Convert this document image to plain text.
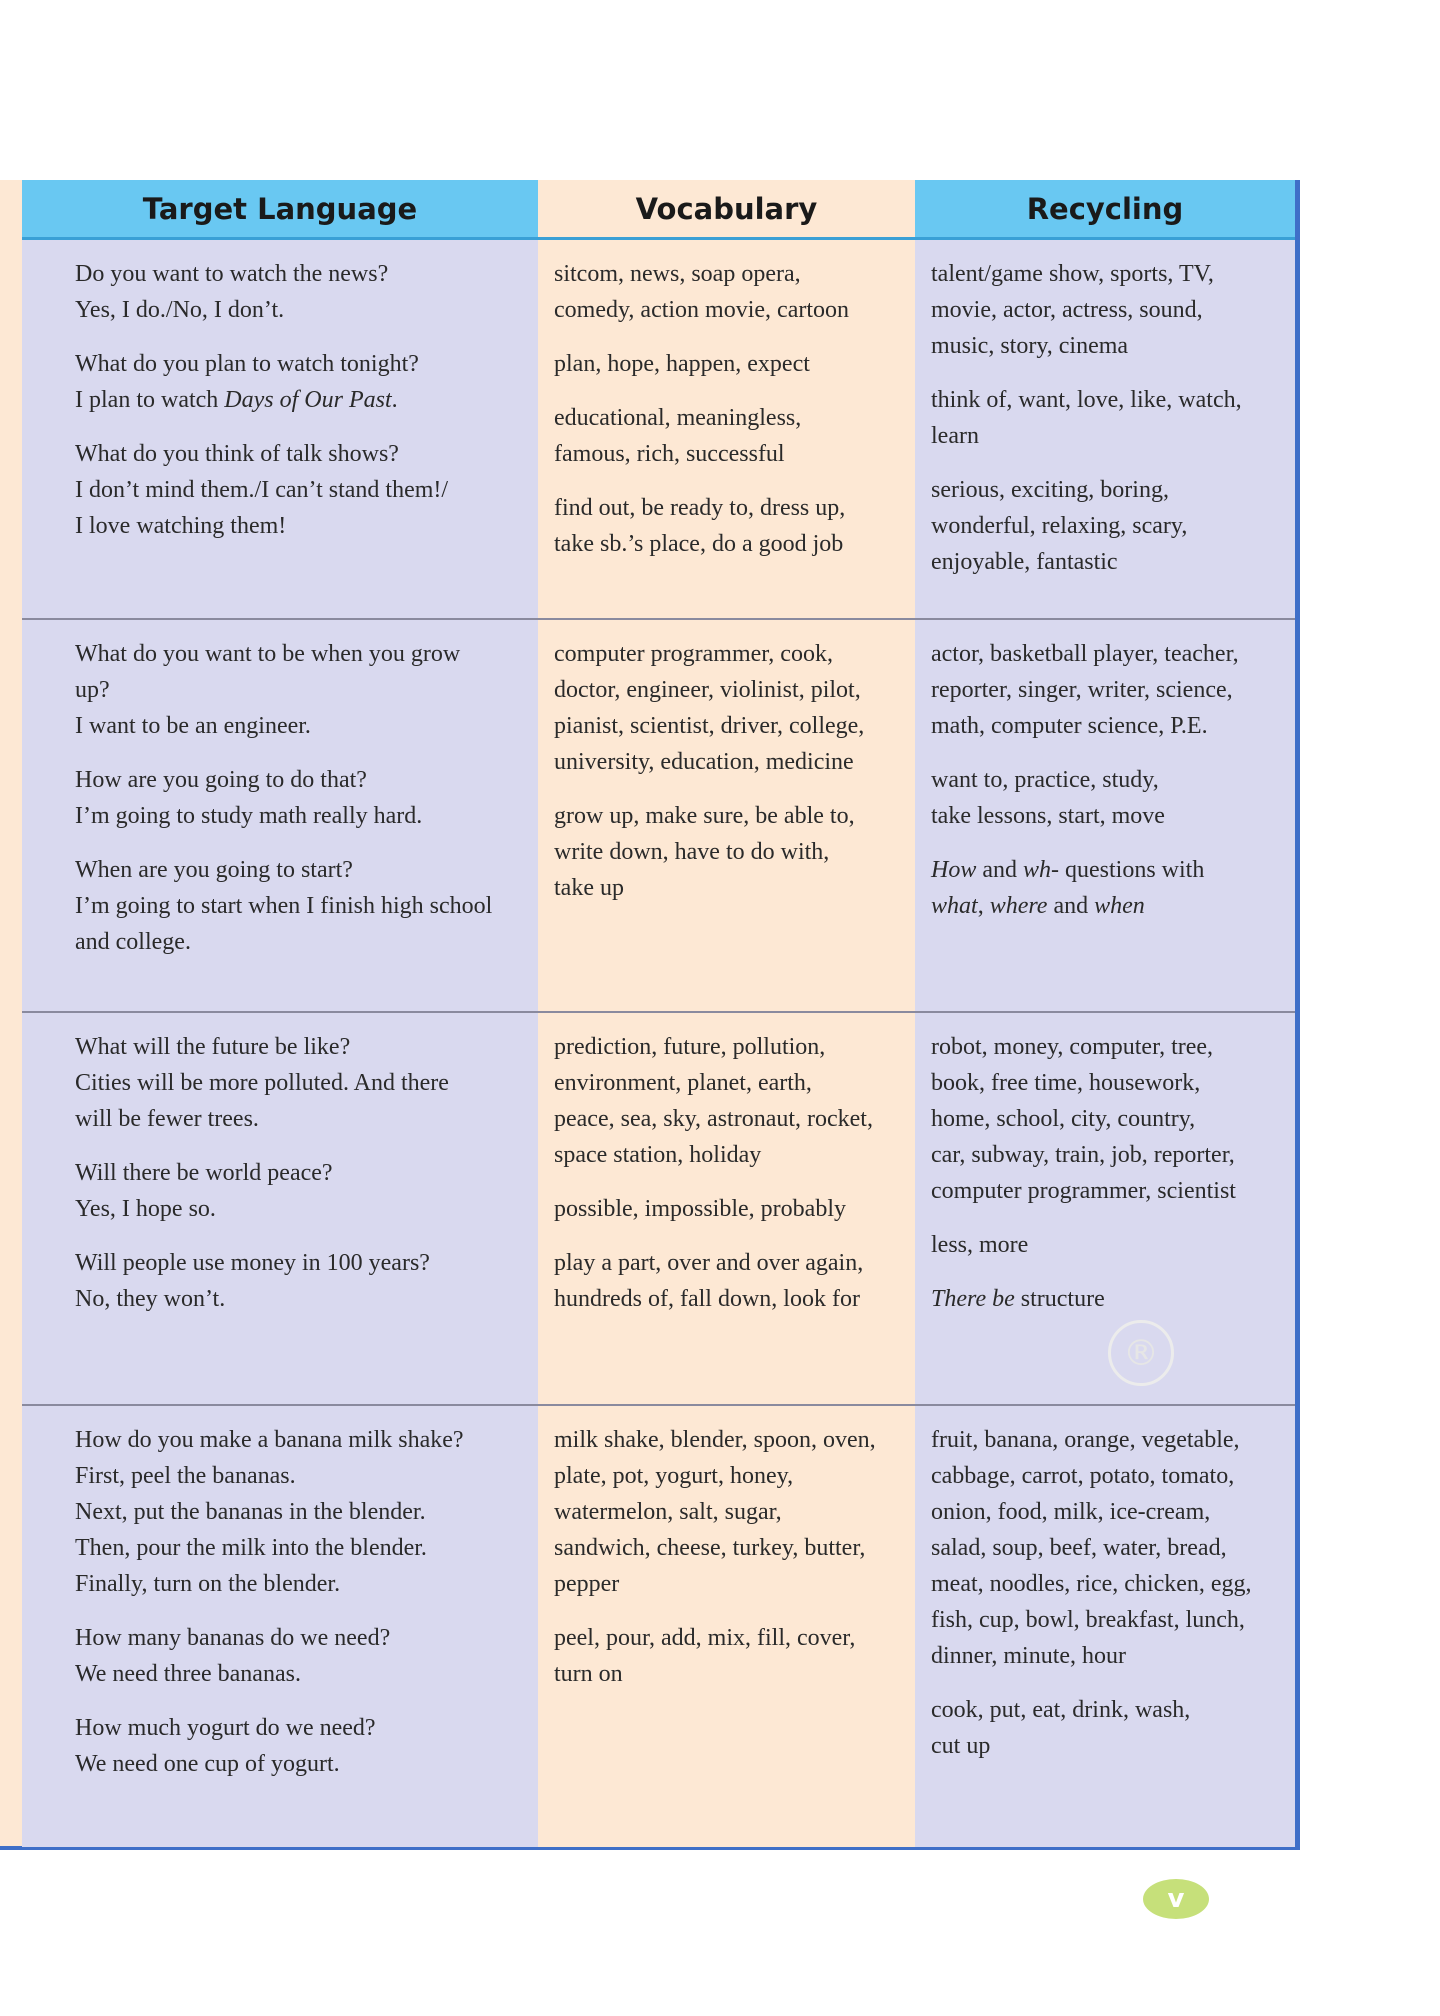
Target Language	Vocabulary	Recycling
Do you want to watch the news?
Yes, I do./No, I don’t.
What do you plan to watch tonight?
I plan to watch Days of Our Past.
What do you think of talk shows?
I don’t mind them./I can’t stand them!/
I love watching them!
sitcom, news, soap opera,
comedy, action movie, cartoon
plan, hope, happen, expect
educational, meaningless,
famous, rich, successful
find out, be ready to, dress up,
take sb.’s place, do a good job
talent/game show, sports, TV,
movie, actor, actress, sound,
music, story, cinema
think of, want, love, like, watch,
learn
serious, exciting, boring,
wonderful, relaxing, scary,
enjoyable, fantastic
What do you want to be when you grow
up?
I want to be an engineer.
How are you going to do that?
I’m going to study math really hard.
When are you going to start?
I’m going to start when I finish high school
and college.
computer programmer, cook,
doctor, engineer, violinist, pilot,
pianist, scientist, driver, college,
university, education, medicine
grow up, make sure, be able to,
write down, have to do with,
take up
actor, basketball player, teacher,
reporter, singer, writer, science,
math, computer science, P.E.
want to, practice, study,
take lessons, start, move
How and wh- questions with
what, where and when
What will the future be like?
Cities will be more polluted. And there
will be fewer trees.
Will there be world peace?
Yes, I hope so.
Will people use money in 100 years?
No, they won’t.
prediction, future, pollution,
environment, planet, earth,
peace, sea, sky, astronaut, rocket,
space station, holiday
possible, impossible, probably
play a part, over and over again,
hundreds of, fall down, look for
robot, money, computer, tree,
book, free time, housework,
home, school, city, country,
car, subway, train, job, reporter,
computer programmer, scientist
less, more
There be structure
How do you make a banana milk shake?
First, peel the bananas.
Next, put the bananas in the blender.
Then, pour the milk into the blender.
Finally, turn on the blender.
How many bananas do we need?
We need three bananas.
How much yogurt do we need?
We need one cup of yogurt.
milk shake, blender, spoon, oven,
plate, pot, yogurt, honey,
watermelon, salt, sugar,
sandwich, cheese, turkey, butter,
pepper
peel, pour, add, mix, fill, cover,
turn on
fruit, banana, orange, vegetable,
cabbage, carrot, potato, tomato,
onion, food, milk, ice-cream,
salad, soup, beef, water, bread,
meat, noodles, rice, chicken, egg,
fish, cup, bowl, breakfast, lunch,
dinner, minute, hour
cook, put, eat, drink, wash,
cut up
®
v
